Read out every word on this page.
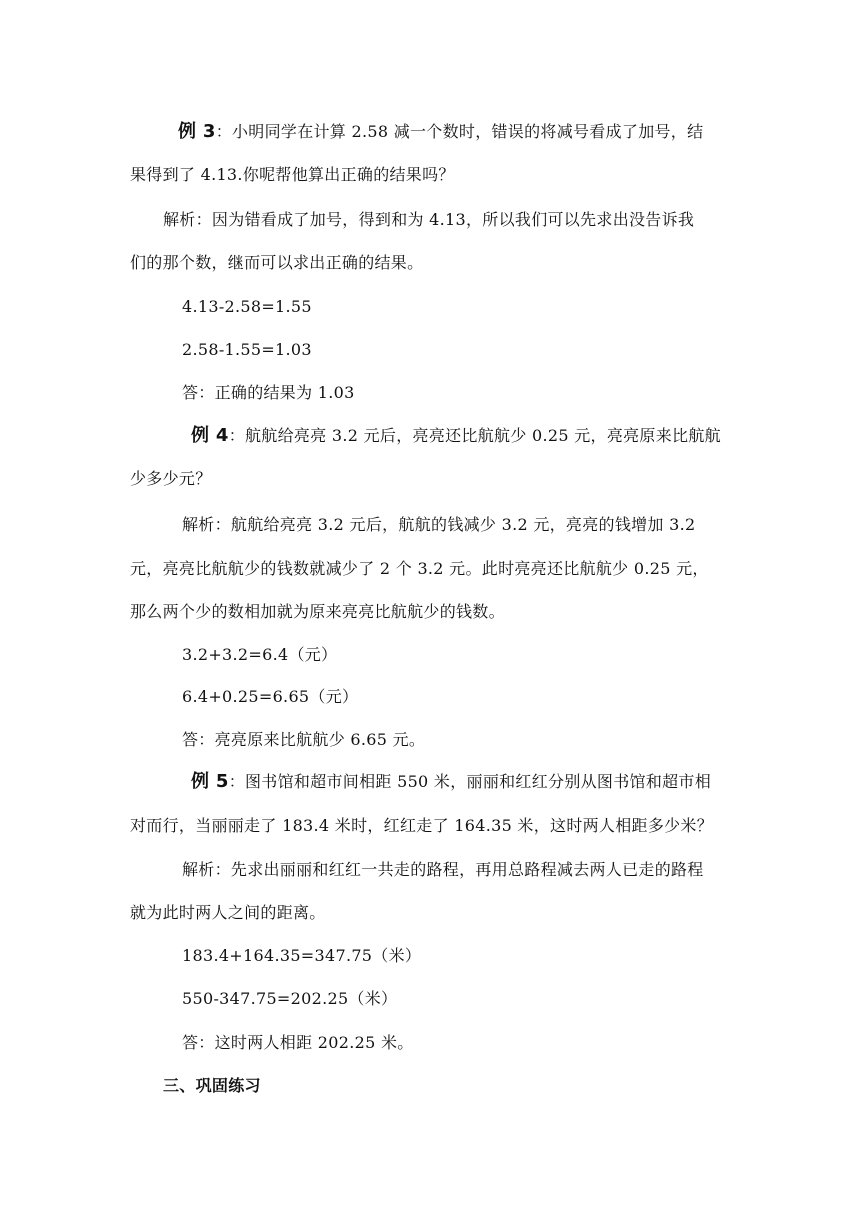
例 3：小明同学在计算 2.58 减一个数时，错误的将减号看成了加号，结
果得到了 4.13.你呢帮他算出正确的结果吗？
解析：因为错看成了加号，得到和为 4.13，所以我们可以先求出没告诉我
们的那个数，继而可以求出正确的结果。
4.13-2.58=1.55
2.58-1.55=1.03
答：正确的结果为 1.03
例 4：航航给亮亮 3.2 元后，亮亮还比航航少 0.25 元，亮亮原来比航航
少多少元？
解析：航航给亮亮 3.2 元后，航航的钱减少 3.2 元，亮亮的钱增加 3.2
元，亮亮比航航少的钱数就减少了 2 个 3.2 元。此时亮亮还比航航少 0.25 元，
那么两个少的数相加就为原来亮亮比航航少的钱数。
3.2+3.2=6.4（元）
6.4+0.25=6.65（元）
答：亮亮原来比航航少 6.65 元。
例 5：图书馆和超市间相距 550 米，丽丽和红红分别从图书馆和超市相
对而行，当丽丽走了 183.4 米时，红红走了 164.35 米，这时两人相距多少米？
解析：先求出丽丽和红红一共走的路程，再用总路程减去两人已走的路程
就为此时两人之间的距离。
183.4+164.35=347.75（米）
550-347.75=202.25（米）
答：这时两人相距 202.25 米。
三、巩固练习
